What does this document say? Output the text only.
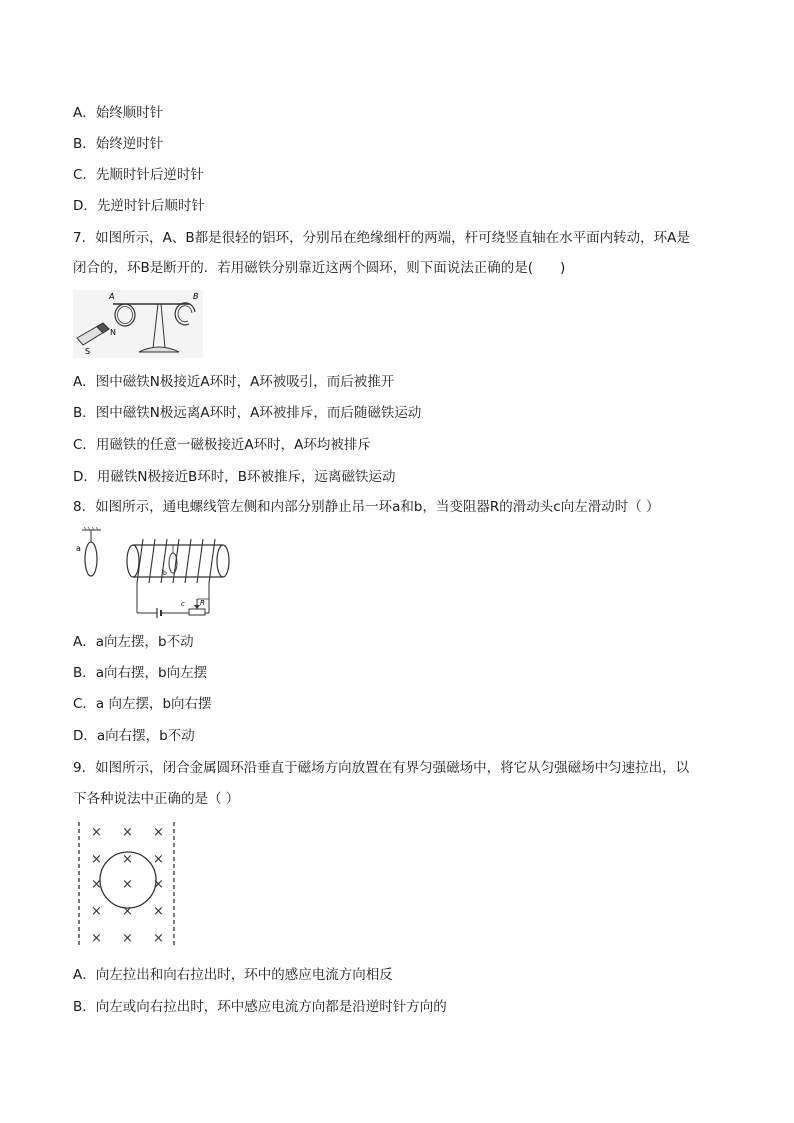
A．始终顺时针
B．始终逆时针
C．先顺时针后逆时针
D．先逆时针后顺时针
7．如图所示，A、B都是很轻的铝环，分别吊在绝缘细杆的两端，杆可绕竖直轴在水平面内转动，环A是
闭合的，环B是断开的．若用磁铁分别靠近这两个圆环，则下面说法正确的是(　　)
A	B
N
S
A．图中磁铁N极接近A环时，A环被吸引，而后被推开
B．图中磁铁N极远离A环时，A环被排斥，而后随磁铁运动
C．用磁铁的任意一磁极接近A环时，A环均被排斥
D．用磁铁N极接近B环时，B环被推斥，远离磁铁运动
8．如图所示，通电螺线管左侧和内部分别静止吊一环a和b，当变阻器R的滑动头c向左滑动时（ ）
a
b
c R
A．a向左摆，b不动
B．a向右摆，b向左摆
C．a 向左摆，b向右摆
D．a向右摆，b不动
9．如图所示，闭合金属圆环沿垂直于磁场方向放置在有界匀强磁场中，将它从匀强磁场中匀速拉出，以
下各种说法中正确的是（ ）
× × ×
× × ×
× × ×
× × ×
× × ×
A．向左拉出和向右拉出时，环中的感应电流方向相反
B．向左或向右拉出时，环中感应电流方向都是沿逆时针方向的
